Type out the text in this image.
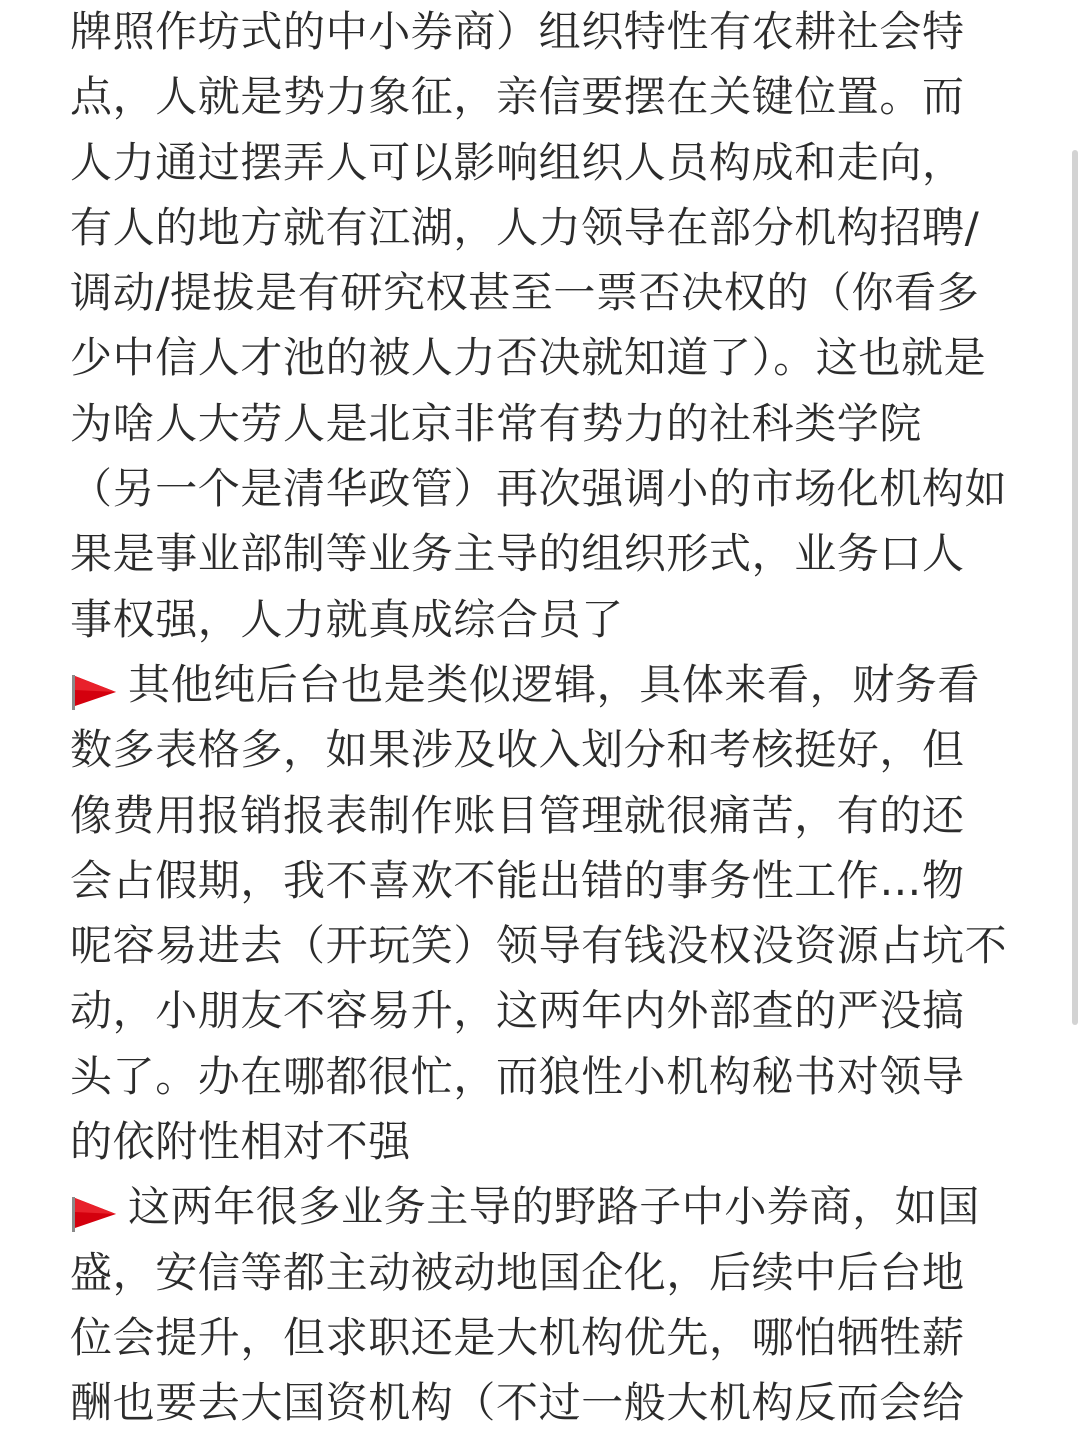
牌照作坊式的中小券商）组织特性有农耕社会特
点，人就是势力象征，亲信要摆在关键位置。而
人力通过摆弄人可以影响组织人员构成和走向，
有人的地方就有江湖，人力领导在部分机构招聘/
调动/提拔是有研究权甚至一票否决权的（你看多
少中信人才池的被人力否决就知道了）。这也就是
为啥人大劳人是北京非常有势力的社科类学院
（另一个是清华政管）再次强调小的市场化机构如
果是事业部制等业务主导的组织形式，业务口人
事权强，人力就真成综合员了
其他纯后台也是类似逻辑，具体来看，财务看
数多表格多，如果涉及收入划分和考核挺好，但
像费用报销报表制作账目管理就很痛苦，有的还
会占假期，我不喜欢不能出错的事务性工作…物
呢容易进去（开玩笑）领导有钱没权没资源占坑不
动，小朋友不容易升，这两年内外部查的严没搞
头了。办在哪都很忙，而狼性小机构秘书对领导
的依附性相对不强
这两年很多业务主导的野路子中小券商，如国
盛，安信等都主动被动地国企化，后续中后台地
位会提升，但求职还是大机构优先，哪怕牺牲薪
酬也要去大国资机构（不过一般大机构反而会给
